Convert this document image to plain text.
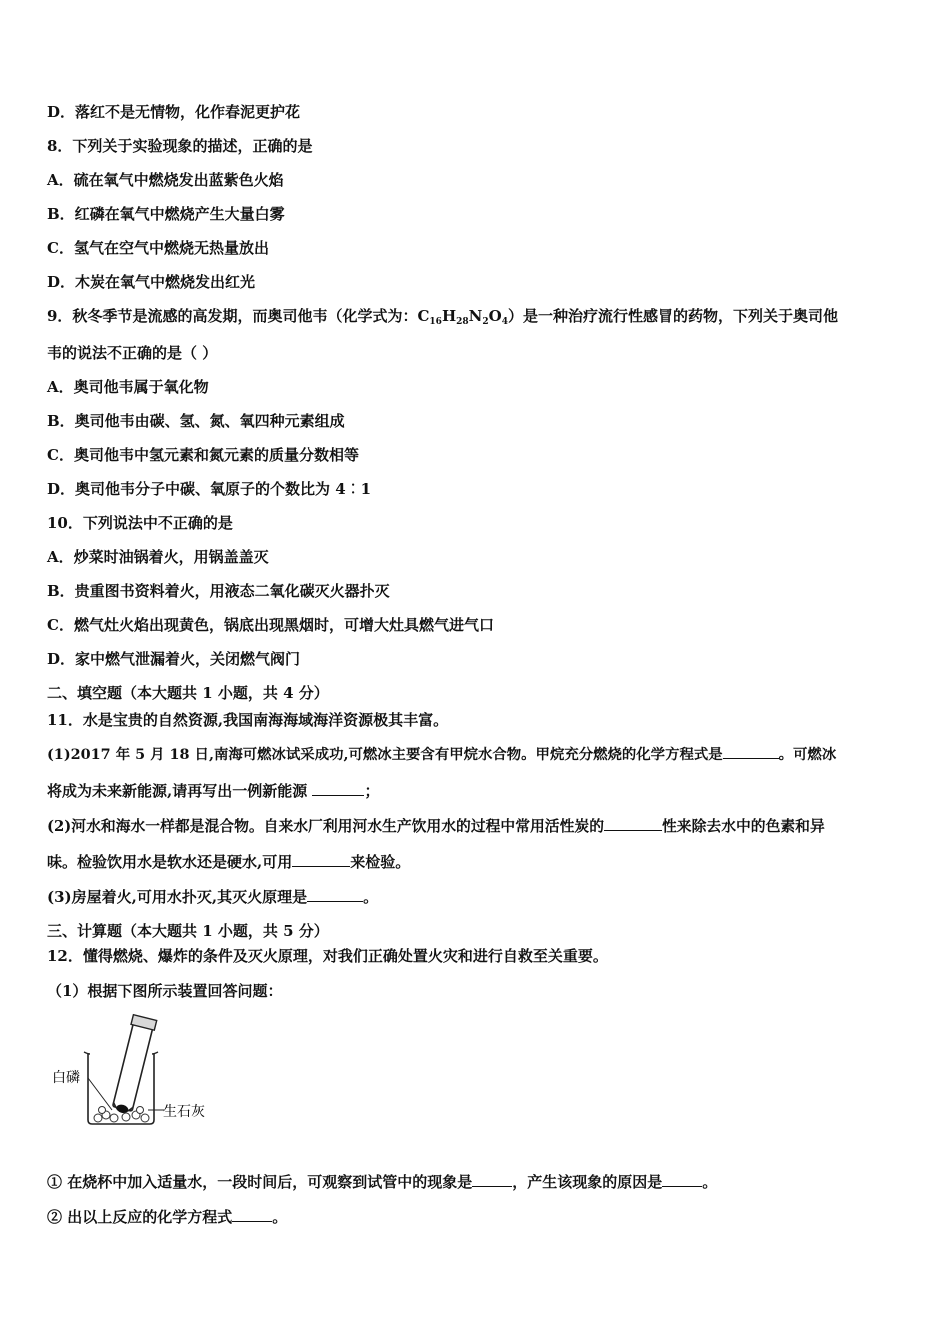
D．落红不是无情物，化作春泥更护花
8．下列关于实验现象的描述，正确的是
A．硫在氧气中燃烧发出蓝紫色火焰
B．红磷在氧气中燃烧产生大量白雾
C．氢气在空气中燃烧无热量放出
D．木炭在氧气中燃烧发出红光
9．秋冬季节是流感的高发期，而奥司他韦（化学式为：$C_{16}H_{28}N_2O_4$）是一种治疗流行性感冒的药物，下列关于奥司他
韦的说法不正确的是（ ）
A．奥司他韦属于氧化物
B．奥司他韦由碳、氢、氮、氧四种元素组成
C．奥司他韦中氢元素和氮元素的质量分数相等
D．奥司他韦分子中碳、氧原子的个数比为 4︰1
10．下列说法中不正确的是
A．炒菜时油锅着火，用锅盖盖灭
B．贵重图书资料着火，用液态二氧化碳灭火器扑灭
C．燃气灶火焰出现黄色，锅底出现黑烟时，可增大灶具燃气进气口
D．家中燃气泄漏着火，关闭燃气阀门
二、填空题（本大题共 1 小题，共 4 分）
11．水是宝贵的自然资源,我国南海海域海洋资源极其丰富。
(1)2017 年 5 月 18 日,南海可燃冰试采成功,可燃冰主要含有甲烷水合物。甲烷充分燃烧的化学方程式是	。可燃冰
将成为未来新能源,请再写出一例新能源	；
(2)河水和海水一样都是混合物。自来水厂利用河水生产饮用水的过程中常用活性炭的	性来除去水中的色素和异
味。检验饮用水是软水还是硬水,可用	来检验。
(3)房屋着火,可用水扑灭,其灭火原理是	。
三、计算题（本大题共 1 小题，共 5 分）
12．懂得燃烧、爆炸的条件及灭火原理，对我们正确处置火灾和进行自救至关重要。
（1）根据下图所示装置回答问题：
白磷
生石灰
① 在烧杯中加入适量水，一段时间后，可观察到试管中的现象是	，产生该现象的原因是	。
② 出以上反应的化学方程式	。
